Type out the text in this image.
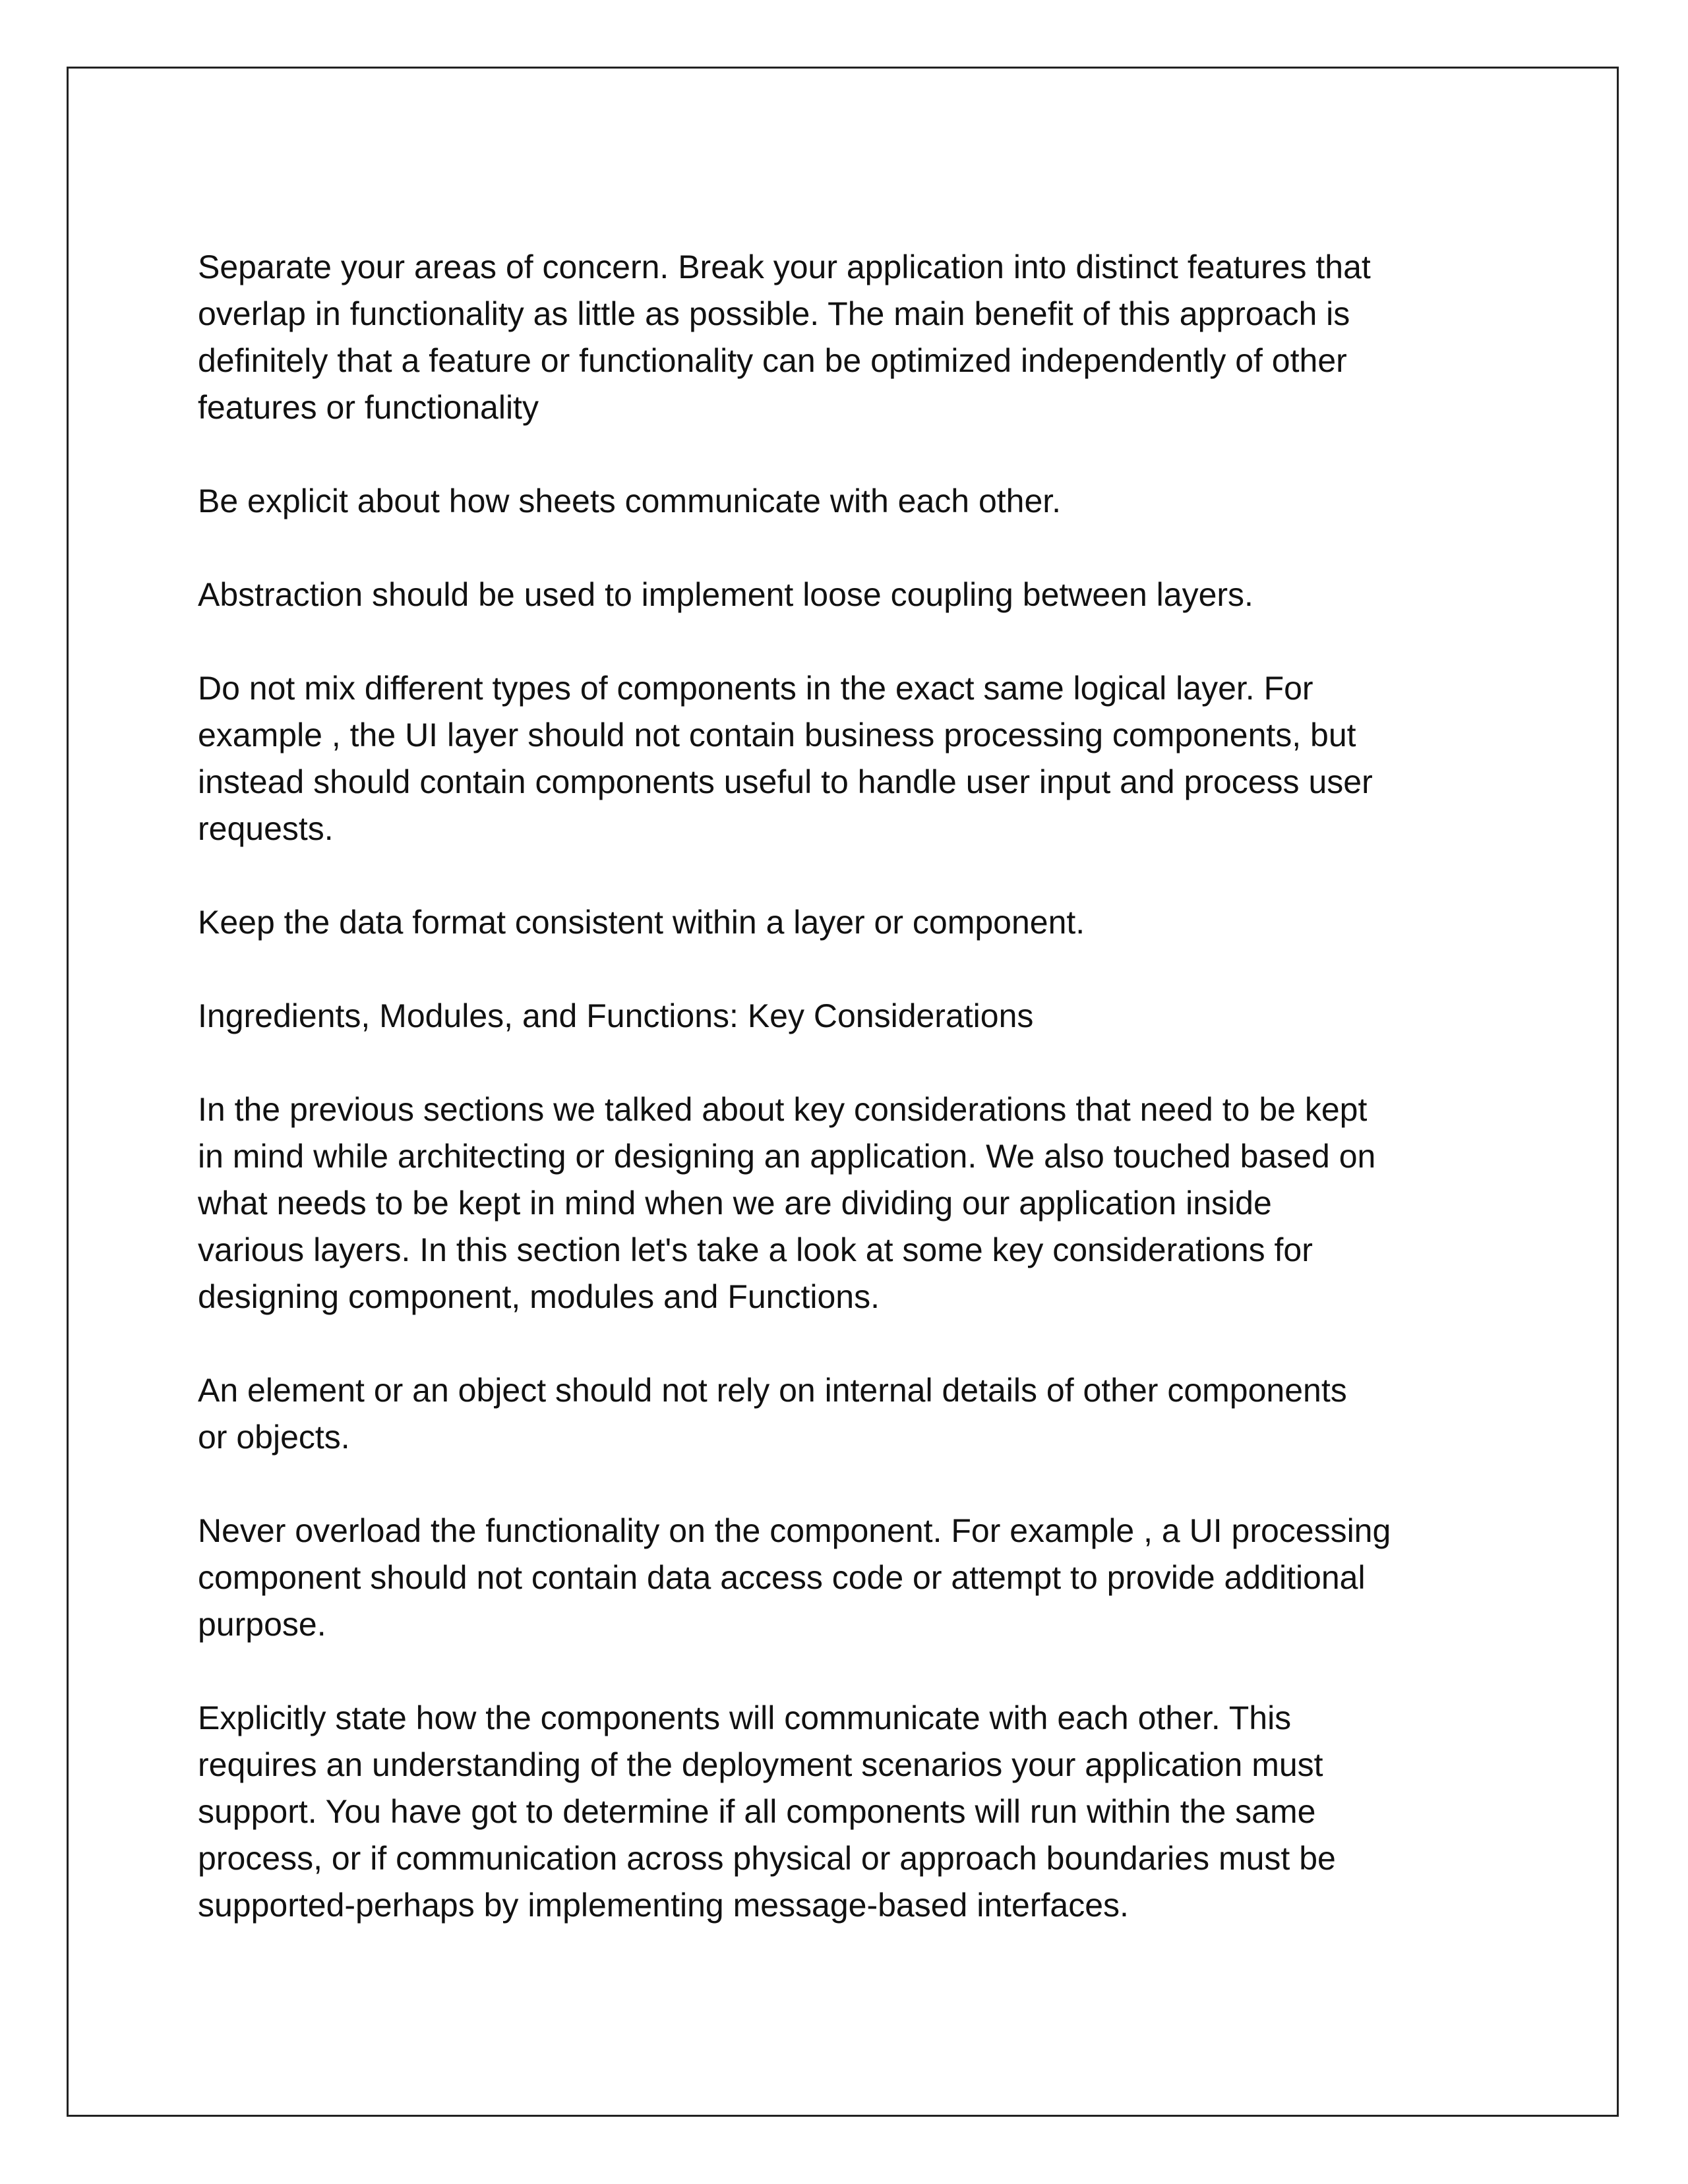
Separate your areas of concern. Break your application into distinct features that
overlap in functionality as little as possible. The main benefit of this approach is
definitely that a feature or functionality can be optimized independently of other
features or functionality

Be explicit about how sheets communicate with each other.

Abstraction should be used to implement loose coupling between layers.

Do not mix different types of components in the exact same logical layer. For
example , the UI layer should not contain business processing components, but
instead should contain components useful to handle user input and process user
requests.

Keep the data format consistent within a layer or component.

Ingredients, Modules, and Functions: Key Considerations

In the previous sections we talked about key considerations that need to be kept
in mind while architecting or designing an application. We also touched based on
what needs to be kept in mind when we are dividing our application inside
various layers. In this section let's take a look at some key considerations for
designing component, modules and Functions.

An element or an object should not rely on internal details of other components
or objects.

Never overload the functionality on the component. For example , a UI processing
component should not contain data access code or attempt to provide additional
purpose.

Explicitly state how the components will communicate with each other. This
requires an understanding of the deployment scenarios your application must
support. You have got to determine if all components will run within the same
process, or if communication across physical or approach boundaries must be
supported-perhaps by implementing message-based interfaces.
